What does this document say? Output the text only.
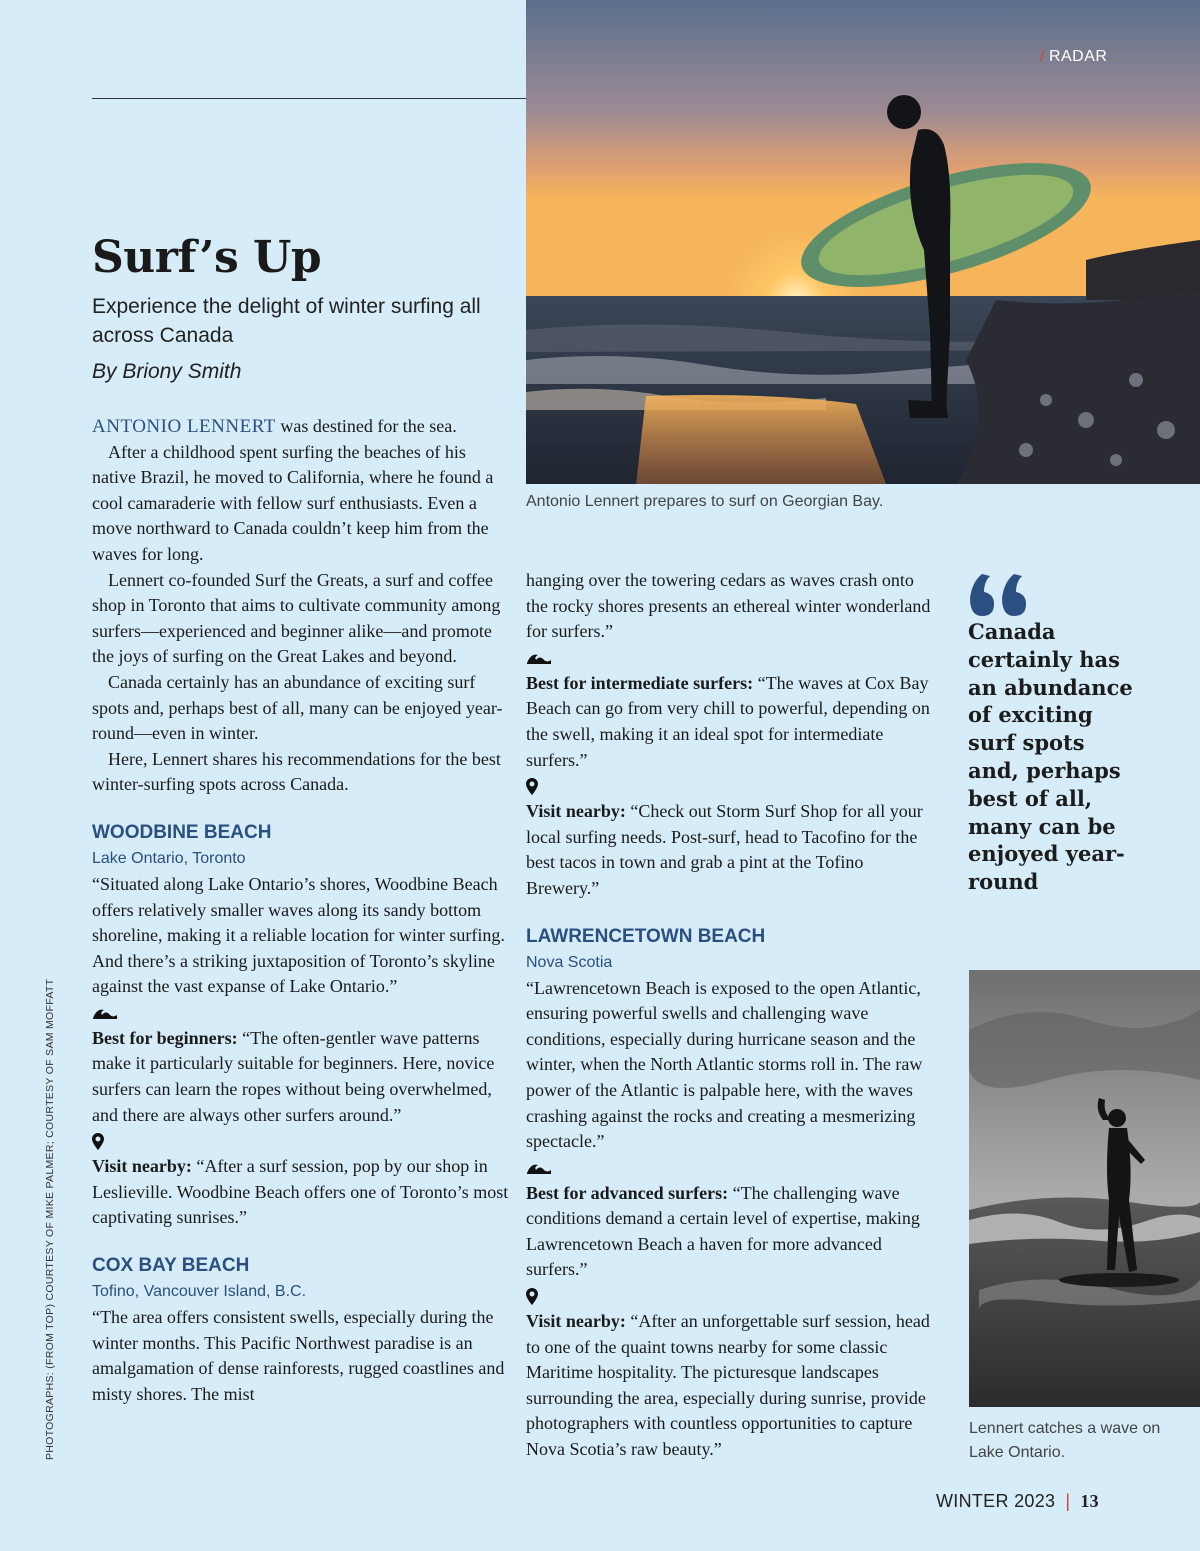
/ RADAR
Surf’s Up
Experience the delight of winter surfing all across Canada
By Briony Smith
Antonio Lennert prepares to surf on Georgian Bay.

ANTONIO LENNERT was destined for the sea.

After a childhood spent surfing the beaches of his native Brazil, he moved to California, where he found a cool camaraderie with fellow surf enthusiasts. Even a move northward to Canada couldn’t keep him from the waves for long.

Lennert co-founded Surf the Greats, a surf and coffee shop in Toronto that aims to cultivate community among surfers—experienced and beginner alike—and promote the joys of surfing on the Great Lakes and beyond.

Canada certainly has an abundance of exciting surf spots and, perhaps best of all, many can be enjoyed year-round—even in winter.

Here, Lennert shares his recommendations for the best winter-surfing spots across Canada.

WOODBINE BEACH

Lake Ontario, Toronto

“Situated along Lake Ontario’s shores, Woodbine Beach offers relatively smaller waves along its sandy bottom shoreline, making it a reliable location for winter surfing. And there’s a striking juxtaposition of Toronto’s skyline against the vast expanse of Lake Ontario.”

Best for beginners: “The often-gentler wave patterns make it particularly suitable for beginners. Here, novice surfers can learn the ropes without being overwhelmed, and there are always other surfers around.”

Visit nearby: “After a surf session, pop by our shop in Leslieville. Woodbine Beach offers one of Toronto’s most captivating sunrises.”

COX BAY BEACH

Tofino, Vancouver Island, B.C.

“The area offers consistent swells, especially during the winter months. This Pacific Northwest paradise is an amalgamation of dense rainforests, rugged coastlines and misty shores. The mist

hanging over the towering cedars as waves crash onto the rocky shores presents an ethereal winter wonderland for surfers.”

Best for intermediate surfers: “The waves at Cox Bay Beach can go from very chill to powerful, depending on the swell, making it an ideal spot for intermediate surfers.”

Visit nearby: “Check out Storm Surf Shop for all your local surfing needs. Post-surf, head to Tacofino for the best tacos in town and grab a pint at the Tofino Brewery.”

LAWRENCETOWN BEACH

Nova Scotia

“Lawrencetown Beach is exposed to the open Atlantic, ensuring powerful swells and challenging wave conditions, especially during hurricane season and the winter, when the North Atlantic storms roll in. The raw power of the Atlantic is palpable here, with the waves crashing against the rocks and creating a mesmerizing spectacle.”

Best for advanced surfers: “The challenging wave conditions demand a certain level of expertise, making Lawrencetown Beach a haven for more advanced surfers.”

Visit nearby: “After an unforgettable surf session, head to one of the quaint towns nearby for some classic Maritime hospitality. The picturesque landscapes surrounding the area, especially during sunrise, provide photographers with countless opportunities to capture Nova Scotia’s raw beauty.”

Canada certainly has an abundance of exciting surf spots and, perhaps best of all, many can be enjoyed year-round
Lennert catches a wave on Lake Ontario.
PHOTOGRAPHS: (FROM TOP) COURTESY OF MIKE PALMER; COURTESY OF SAM MOFFATT
WINTER 2023 | 13
